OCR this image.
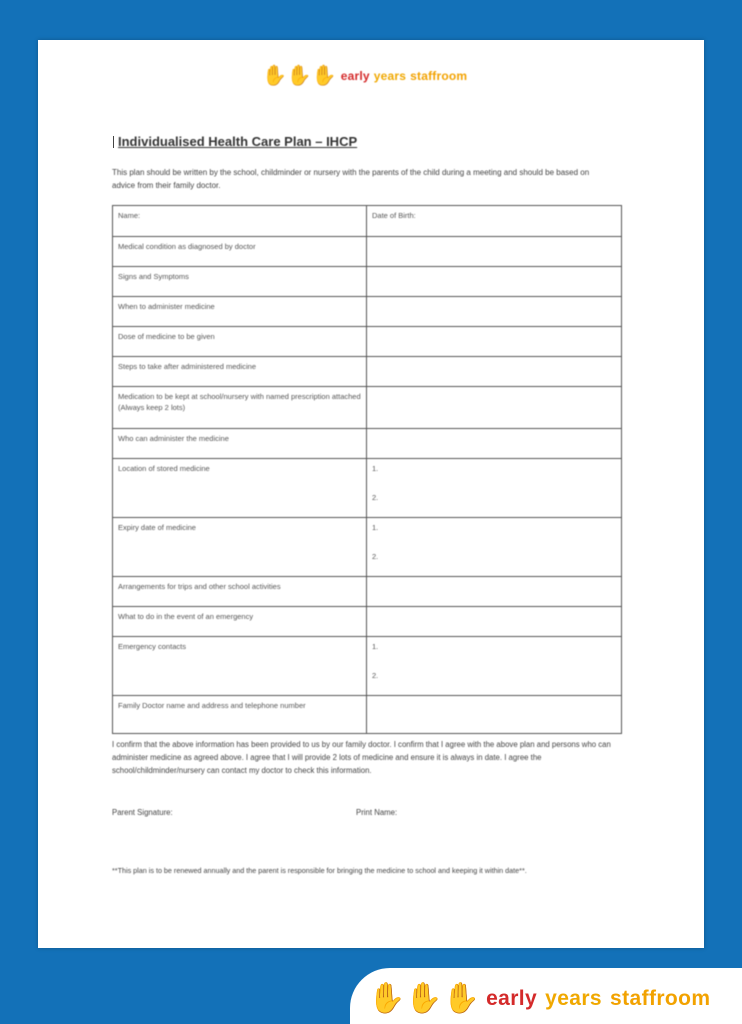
✋ ✋ ✋ early years staffroom
Individualised Health Care Plan – IHCP
This plan should be written by the school, childminder or nursery with the parents of the child during a meeting and should be based on advice from their family doctor.
Name:	Date of Birth:
Medical condition as diagnosed by doctor	
Signs and Symptoms	
When to administer medicine	
Dose of medicine to be given	
Steps to take after administered medicine	
Medication to be kept at school/nursery with named prescription attached (Always keep 2 lots)	
Who can administer the medicine	
Location of stored medicine	1.
2.

Expiry date of medicine	1.
2.

Arrangements for trips and other school activities	
What to do in the event of an emergency	
Emergency contacts	1.
2.

Family Doctor name and address and telephone number	
I confirm that the above information has been provided to us by our family doctor. I confirm that I agree with the above plan and persons who can administer medicine as agreed above. I agree that I will provide 2 lots of medicine and ensure it is always in date. I agree the school/childminder/nursery can contact my doctor to check this information.
Parent Signature:	Print Name:
**This plan is to be renewed annually and the parent is responsible for bringing the medicine to school and keeping it within date**.
✋ ✋ ✋ early years staffroom
